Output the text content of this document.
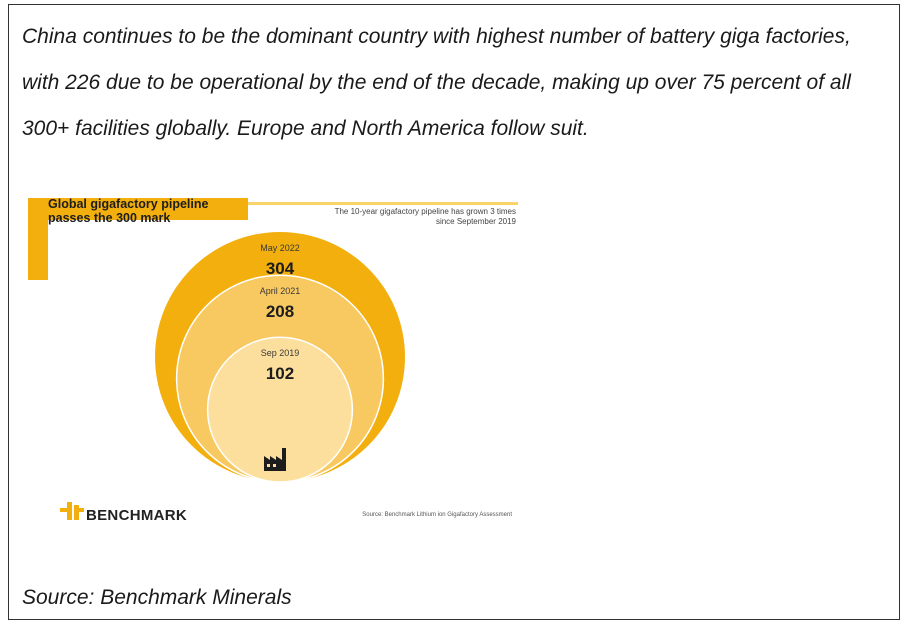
China continues to be the dominant country with highest number of battery giga factories, with 226 due to be operational by the end of the decade, making up over 75 percent of all 300+ facilities globally. Europe and North America follow suit.

May 2022
304
April 2021
208
Sep 2019
102
Global gigafactory pipeline passes the 300 mark	The 10-year gigafactory pipeline has grown 3 times since September 2019
BENCHMARK	Source: Benchmark Lithium ion Gigafactory Assessment
Source: Benchmark Minerals
